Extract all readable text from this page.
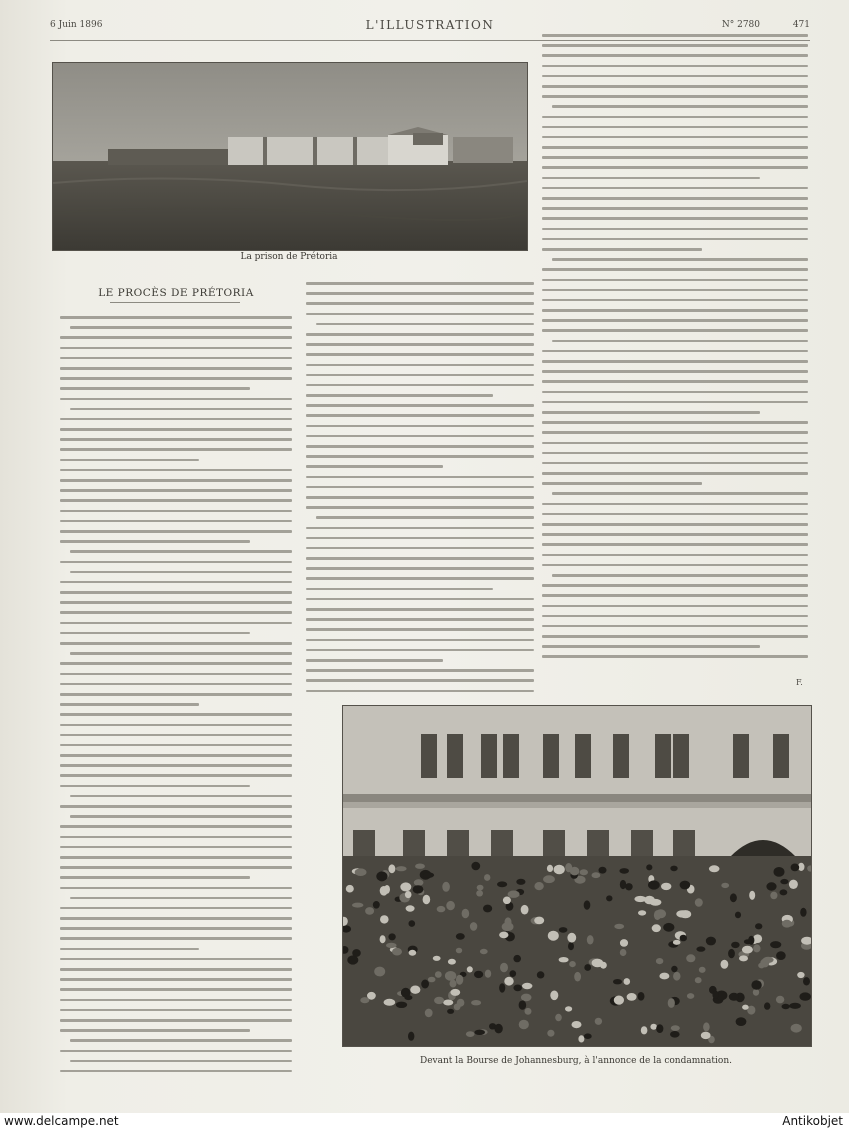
6 Juin 1896	L'ILLUSTRATION	N° 2780	471
La prison de Prétoria
LE PROCÈS DE PRÉTORIA
F.
Devant la Bourse de Johannesburg, à l'annonce de la condamnation.
www.delcampe.net	Antikobjet
